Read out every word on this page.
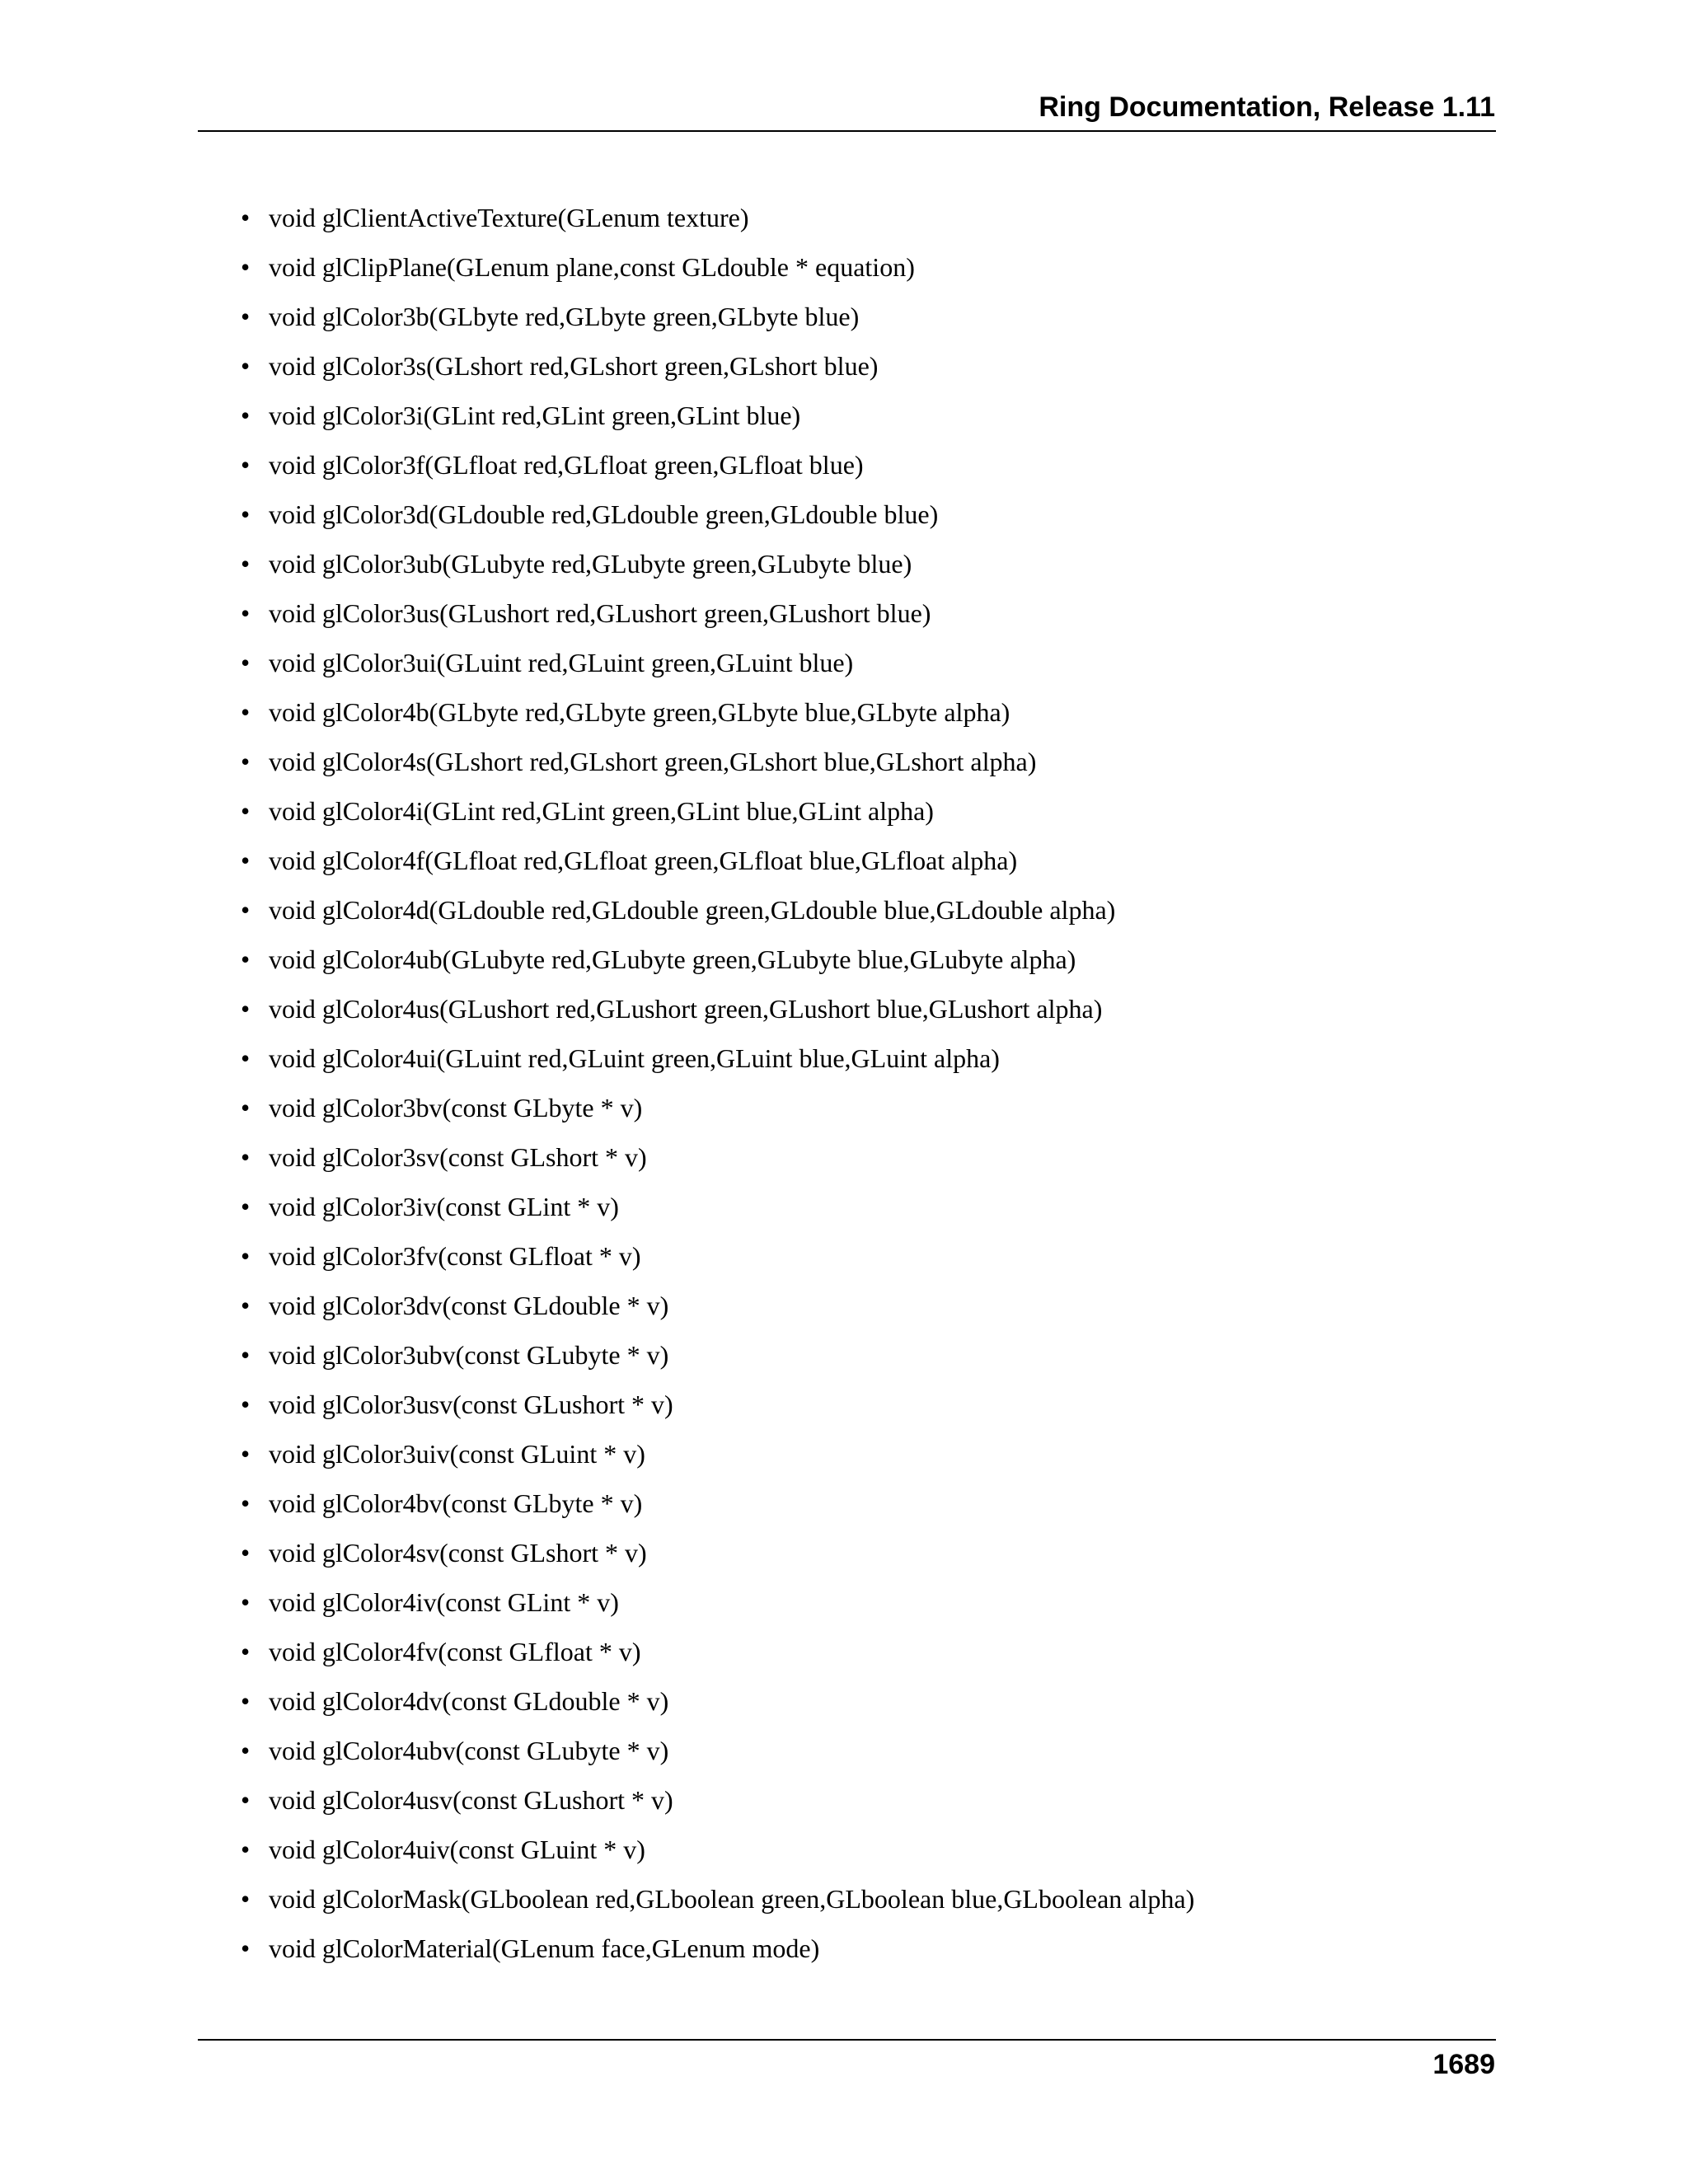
Ring Documentation, Release 1.11
• void glClientActiveTexture(GLenum texture)
• void glClipPlane(GLenum plane,const GLdouble * equation)
• void glColor3b(GLbyte red,GLbyte green,GLbyte blue)
• void glColor3s(GLshort red,GLshort green,GLshort blue)
• void glColor3i(GLint red,GLint green,GLint blue)
• void glColor3f(GLfloat red,GLfloat green,GLfloat blue)
• void glColor3d(GLdouble red,GLdouble green,GLdouble blue)
• void glColor3ub(GLubyte red,GLubyte green,GLubyte blue)
• void glColor3us(GLushort red,GLushort green,GLushort blue)
• void glColor3ui(GLuint red,GLuint green,GLuint blue)
• void glColor4b(GLbyte red,GLbyte green,GLbyte blue,GLbyte alpha)
• void glColor4s(GLshort red,GLshort green,GLshort blue,GLshort alpha)
• void glColor4i(GLint red,GLint green,GLint blue,GLint alpha)
• void glColor4f(GLfloat red,GLfloat green,GLfloat blue,GLfloat alpha)
• void glColor4d(GLdouble red,GLdouble green,GLdouble blue,GLdouble alpha)
• void glColor4ub(GLubyte red,GLubyte green,GLubyte blue,GLubyte alpha)
• void glColor4us(GLushort red,GLushort green,GLushort blue,GLushort alpha)
• void glColor4ui(GLuint red,GLuint green,GLuint blue,GLuint alpha)
• void glColor3bv(const GLbyte * v)
• void glColor3sv(const GLshort * v)
• void glColor3iv(const GLint * v)
• void glColor3fv(const GLfloat * v)
• void glColor3dv(const GLdouble * v)
• void glColor3ubv(const GLubyte * v)
• void glColor3usv(const GLushort * v)
• void glColor3uiv(const GLuint * v)
• void glColor4bv(const GLbyte * v)
• void glColor4sv(const GLshort * v)
• void glColor4iv(const GLint * v)
• void glColor4fv(const GLfloat * v)
• void glColor4dv(const GLdouble * v)
• void glColor4ubv(const GLubyte * v)
• void glColor4usv(const GLushort * v)
• void glColor4uiv(const GLuint * v)
• void glColorMask(GLboolean red,GLboolean green,GLboolean blue,GLboolean alpha)
• void glColorMaterial(GLenum face,GLenum mode)
1689
